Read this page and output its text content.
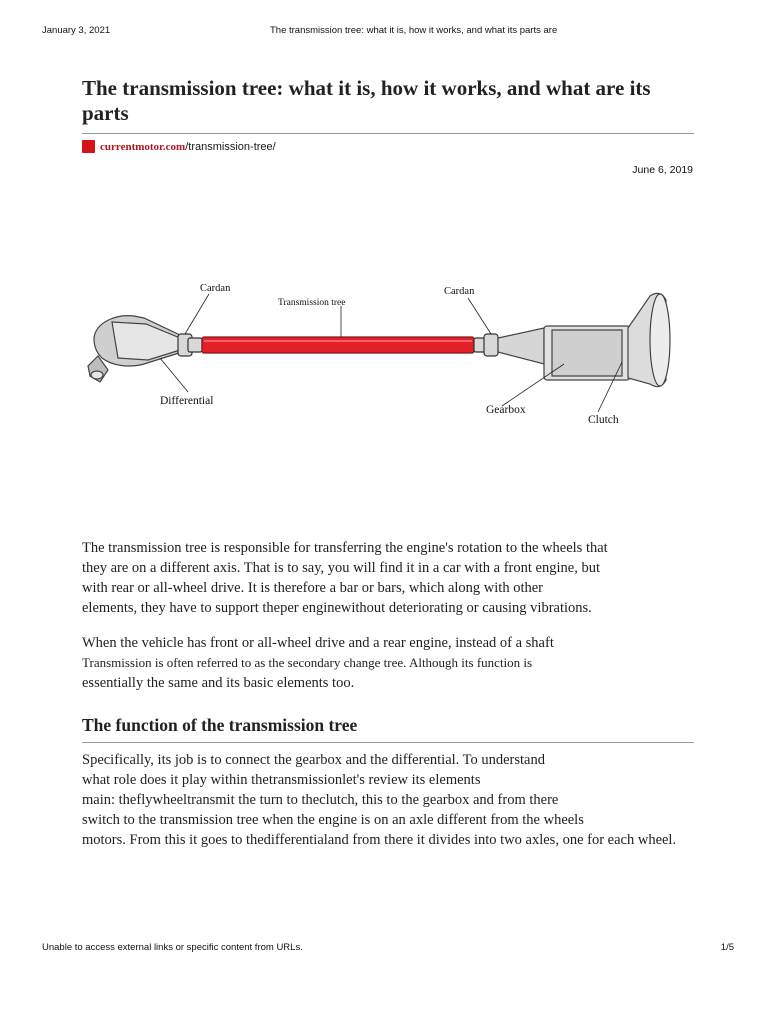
January 3, 2021	The transmission tree: what it is, how it works, and what its parts are
The transmission tree: what it is, how it works, and what are its parts
currentmotor.com/transmission-tree/
June 6, 2019
Cardan
Transmission tree
Cardan
Differential
Gearbox
Clutch
The transmission tree is responsible for transferring the engine's rotation to the wheels that
they are on a different axis. That is to say, you will find it in a car with a front engine, but
with rear or all-wheel drive. It is therefore a bar or bars, which along with other
elements, they have to support theper enginewithout deteriorating or causing vibrations.
When the vehicle has front or all-wheel drive and a rear engine, instead of a shaft
Transmission is often referred to as the secondary change tree. Although its function is
essentially the same and its basic elements too.
The function of the transmission tree
Specifically, its job is to connect the gearbox and the differential. To understand
what role does it play within thetransmissionlet's review its elements
main: theflywheeltransmit the turn to theclutch, this to the gearbox and from there
switch to the transmission tree when the engine is on an axle different from the wheels
motors. From this it goes to thedifferentialand from there it divides into two axles, one for each wheel.
Unable to access external links or specific content from URLs.	1/5
